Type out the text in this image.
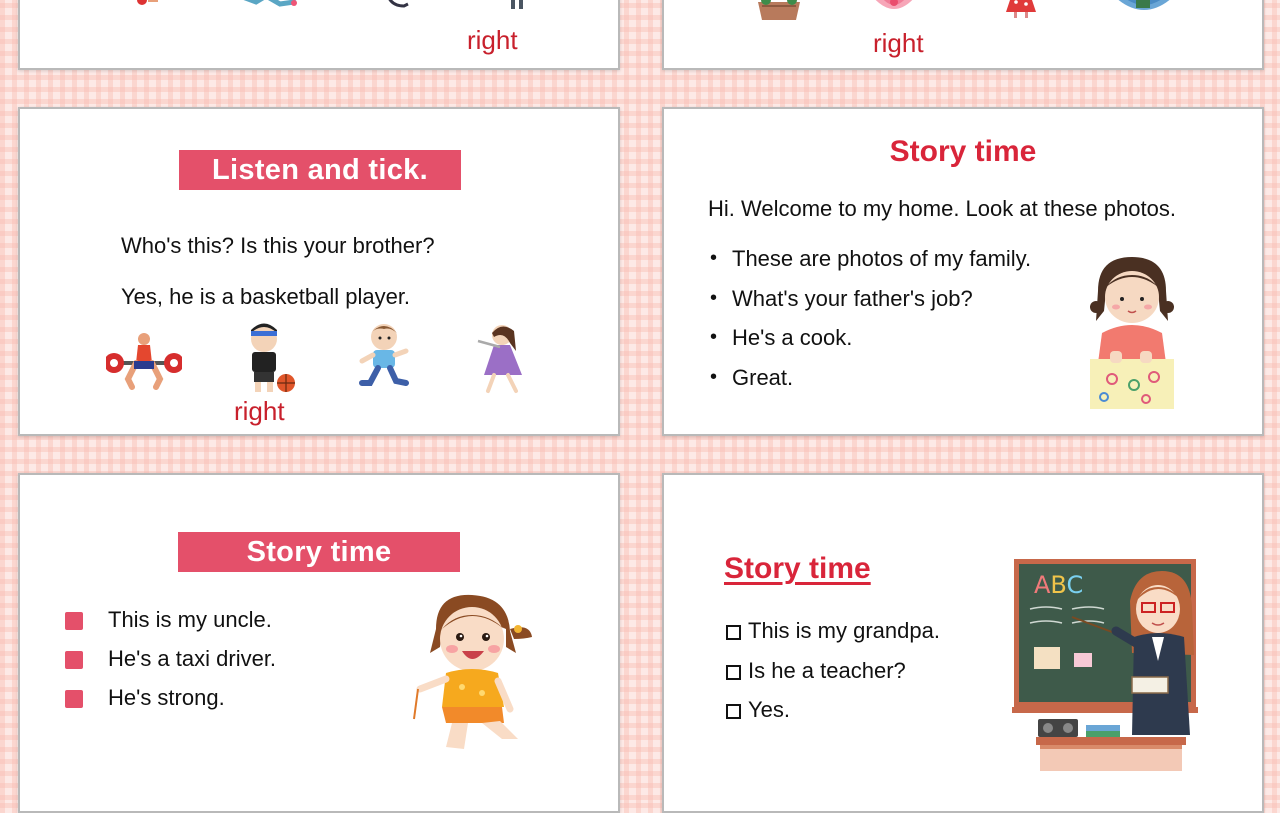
right	right
Listen and tick.
Who's this? Is this your brother?
Yes, he is a basketball player.
right
Story time
Hi. Welcome to my home. Look at these photos.
• These are photos of my family.
• What's your father's job?
• He's a cook.
• Great.
Story time
This is my uncle.
He's a taxi driver.
He's strong.
Story time
This is my grandpa.
Is he a teacher?
Yes.
ABC
